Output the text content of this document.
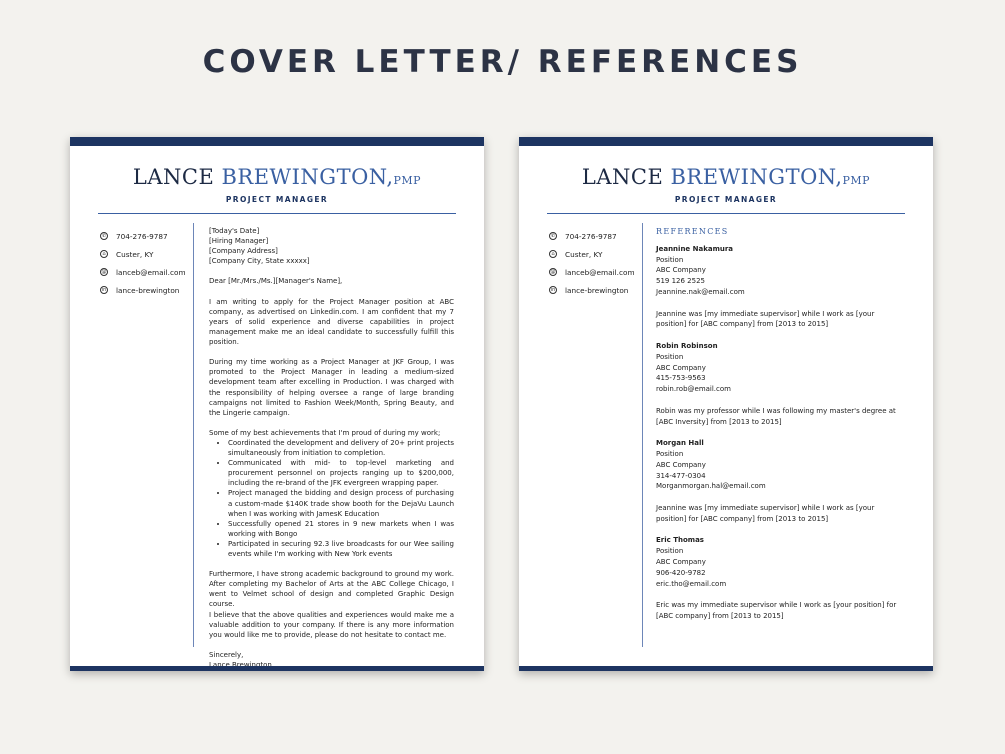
COVER LETTER/ REFERENCES
LANCE BREWINGTON,PMP
PROJECT MANAGER
✆ 704-276-9787
⌂	Custer, KY
@ lanceb@email.com
in lance-brewington
[Today's Date]
[Hiring Manager]
[Company Address]
[Company City, State xxxxx]
Dear [Mr./Mrs./Ms.][Manager's Name],

I am writing to apply for the Project Manager position at ABC company, as advertised on Linkedin.com. I am confident that my 7 years of solid experience and diverse capabilities in project management make me an ideal candidate to successfully fulfill this position.

During my time working as a Project Manager at JKF Group, I was promoted to the Project Manager in leading a medium-sized development team after excelling in Production. I was charged with the responsibility of helping oversee a range of large branding campaigns not limited to Fashion Week/Month, Spring Beauty, and the Lingerie campaign.

Some of my best achievements that I'm proud of during my work;

• Coordinated the development and delivery of 20+ print projects simultaneously from initiation to completion.
• Communicated with mid- to top-level marketing and procurement personnel on projects ranging up to $200,000, including the re-brand of the JFK evergreen wrapping paper.
• Project managed the bidding and design process of purchasing a custom-made $140K trade show booth for the DejaVu Launch when I was working with JamesK Education
• Successfully opened 21 stores in 9 new markets when I was working with Bongo
• Participated in securing 92.3 live broadcasts for our Wee sailing events while I'm working with New York events

Furthermore, I have strong academic background to ground my work. After completing my Bachelor of Arts at the ABC College Chicago, I went to Velmet school of design and completed Graphic Design course.

I believe that the above qualities and experiences would make me a valuable addition to your company. If there is any more information you would like me to provide, please do not hesitate to contact me.

Sincerely,
LANCE BREWINGTON,PMP
PROJECT MANAGER
✆ 704-276-9787
⌂	Custer, KY
@ lanceb@email.com
in lance-brewington
REFERENCES
Jeannine Nakamura
Position
ABC Company
519 126 2525
Jeannine.nak@email.com
Jeannine was [my immediate supervisor] while I work as [your position] for [ABC company] from [2013 to 2015]
Robin Robinson
Position
ABC Company
415-753-9563
robin.rob@email.com
Robin was my professor while I was following my master's degree at [ABC Inversity] from [2013 to 2015]
Morgan Hall
Position
ABC Company
314-477-0304
Morganmorgan.hal@email.com
Jeannine was [my immediate supervisor] while I work as [your position] for [ABC company] from [2013 to 2015]
Eric Thomas
Position
ABC Company
906-420-9782
eric.tho@email.com
Eric was my immediate supervisor while I work as [your position] for [ABC company] from [2013 to 2015]
